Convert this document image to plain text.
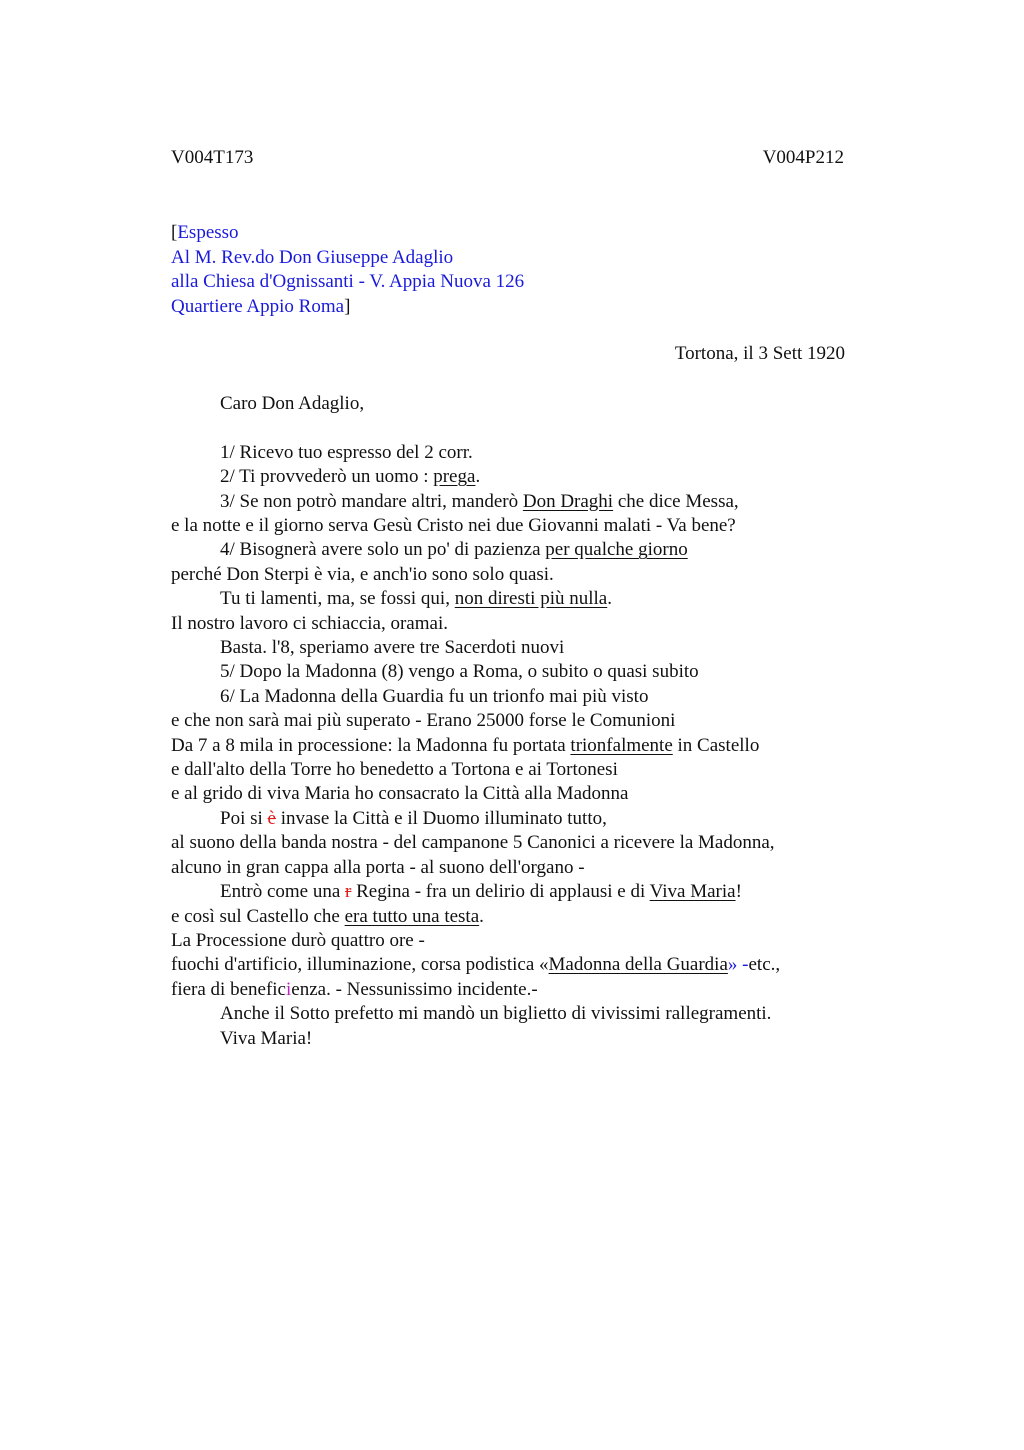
V004T173	V004P212
[Espesso
Al M. Rev.do Don Giuseppe Adaglio
alla Chiesa d'Ognissanti - V. Appia Nuova 126
Quartiere Appio Roma]
Tortona, il 3 Sett 1920
Caro Don Adaglio,
1/ Ricevo tuo espresso del 2 corr.
2/ Ti provvederò un uomo : prega.
3/ Se non potrò mandare altri, manderò Don Draghi che dice Messa,
e la notte e il giorno serva Gesù Cristo nei due Giovanni malati - Va bene?
4/ Bisognerà avere solo un po' di pazienza per qualche giorno
perché Don Sterpi è via, e anch'io sono solo quasi.
Tu ti lamenti, ma, se fossi qui, non diresti più nulla.
Il nostro lavoro ci schiaccia, oramai.
Basta. l'8, speriamo avere tre Sacerdoti nuovi
5/ Dopo la Madonna (8) vengo a Roma, o subito o quasi subito
6/ La Madonna della Guardia fu un trionfo mai più visto
e che non sarà mai più superato - Erano 25000 forse le Comunioni
Da 7 a 8 mila in processione: la Madonna fu portata trionfalmente in Castello
e dall'alto della Torre ho benedetto a Tortona e ai Tortonesi
e al grido di viva Maria ho consacrato la Città alla Madonna
Poi si è invase la Città e il Duomo illuminato tutto,
al suono della banda nostra - del campanone 5 Canonici a ricevere la Madonna,
alcuno in gran cappa alla porta - al suono dell'organo -
Entrò come una r Regina - fra un delirio di applausi e di Viva Maria!
e così sul Castello che era tutto una testa.
La Processione durò quattro ore -
fuochi d'artificio, illuminazione, corsa podistica «Madonna della Guardia» -etc.,
fiera di beneficienza. - Nessunissimo incidente.-
Anche il Sotto prefetto mi mandò un biglietto di vivissimi rallegramenti.
Viva Maria!
